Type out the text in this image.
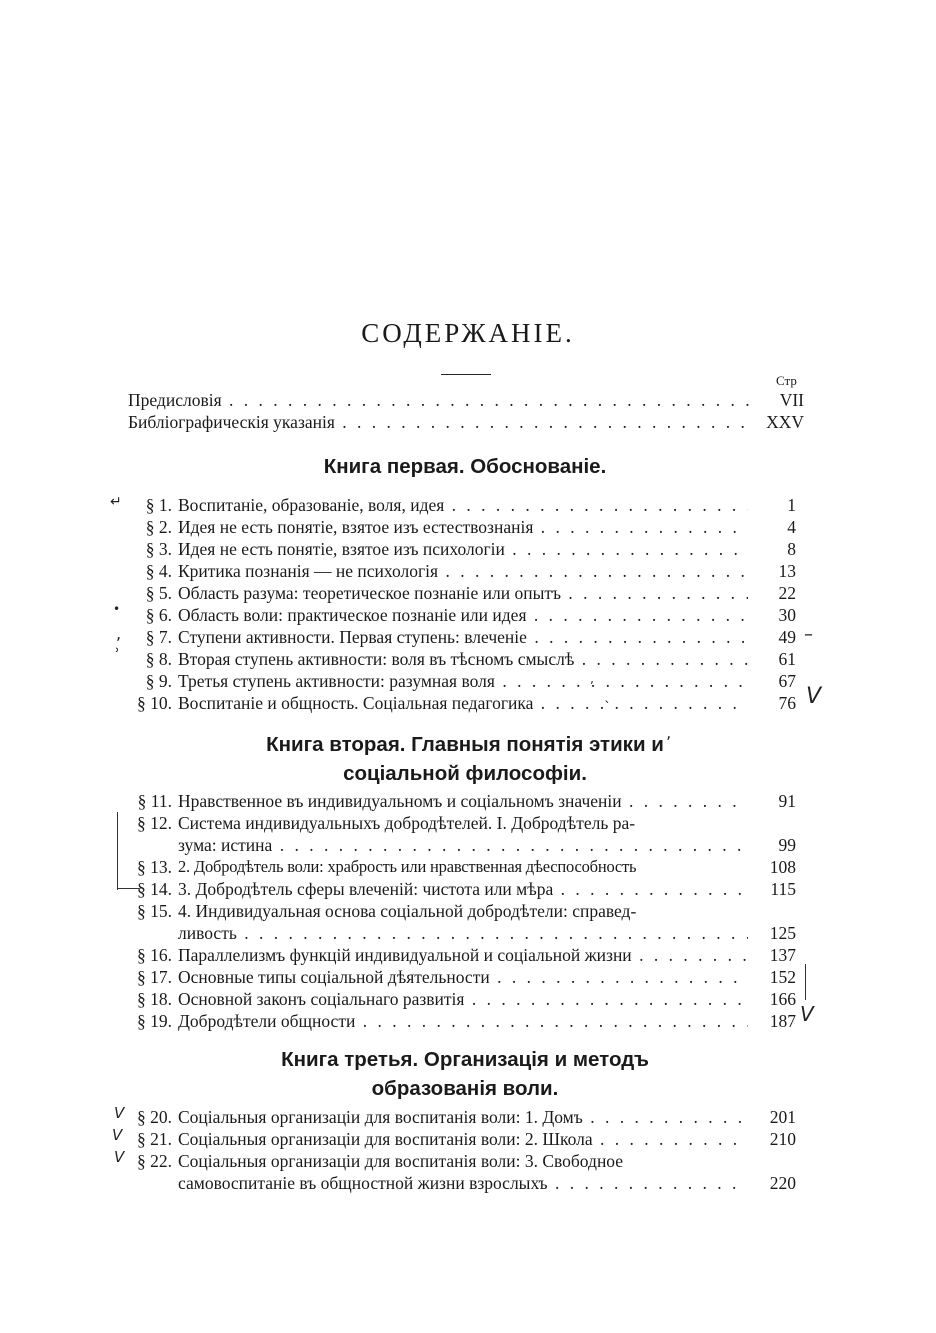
СОДЕРЖАНІЕ.
Стр
Предисловія . . .	VII
Библіографическія указанія . . .	XXV
Книга первая. Обоснованіе.
§ 1. Воспитаніе, образованіе, воля, идея . . .	1
§ 2. Идея не есть понятіе, взятое изъ естествознанія . . .	4
§ 3. Идея не есть понятіе, взятое изъ психологіи . . .	8
§ 4. Критика познанія — не психологія . . .	13
§ 5. Область разума: теоретическое познаніе или опытъ . . .	22
§ 6. Область воли: практическое познаніе или идея . . .	30
§ 7. Ступени активности. Первая ступень: влеченіе . . .	49
§ 8. Вторая ступень активности: воля въ тѣсномъ смыслѣ . . .	61
§ 9. Третья ступень активности: разумная воля . . .	67
§ 10. Воспитаніе и общность. Соціальная педагогика . . .	76
Книга вторая. Главныя понятія этики и
соціальной философіи.
§ 11. Нравственное въ индивидуальномъ и соціальномъ значеніи . . .	91
§ 12. Система индивидуальныхъ добродѣтелей. I. Добродѣтель ра-
зума: истина . . .	99
§ 13. 2. Добродѣтель воли: храбрость или нравственная дѣеспособность	108
§ 14. 3. Добродѣтель сферы влеченій: чистота или мѣра . . .	115
§ 15. 4. Индивидуальная основа соціальной добродѣтели: справед-
ливость . . .	125
§ 16. Параллелизмъ функцій индивидуальной и соціальной жизни . . .	137
§ 17. Основные типы соціальной дѣятельности . . .	152
§ 18. Основной законъ соціальнаго развитія . . .	166
§ 19. Добродѣтели общности . . .	187
Книга третья. Организація и методъ
образованія воли.
§ 20. Соціальныя организаціи для воспитанія воли: 1. Домъ . . .	201
§ 21. Соціальныя организаціи для воспитанія воли: 2. Школа . . .	210
§ 22. Соціальныя организаціи для воспитанія воли: 3. Свободное
самовоспитаніе въ общностной жизни взрослыхъ . . .	220
↵
•
,
ʾ
–
V
ʼ
ˋ
ʼ
V
V
V
V
